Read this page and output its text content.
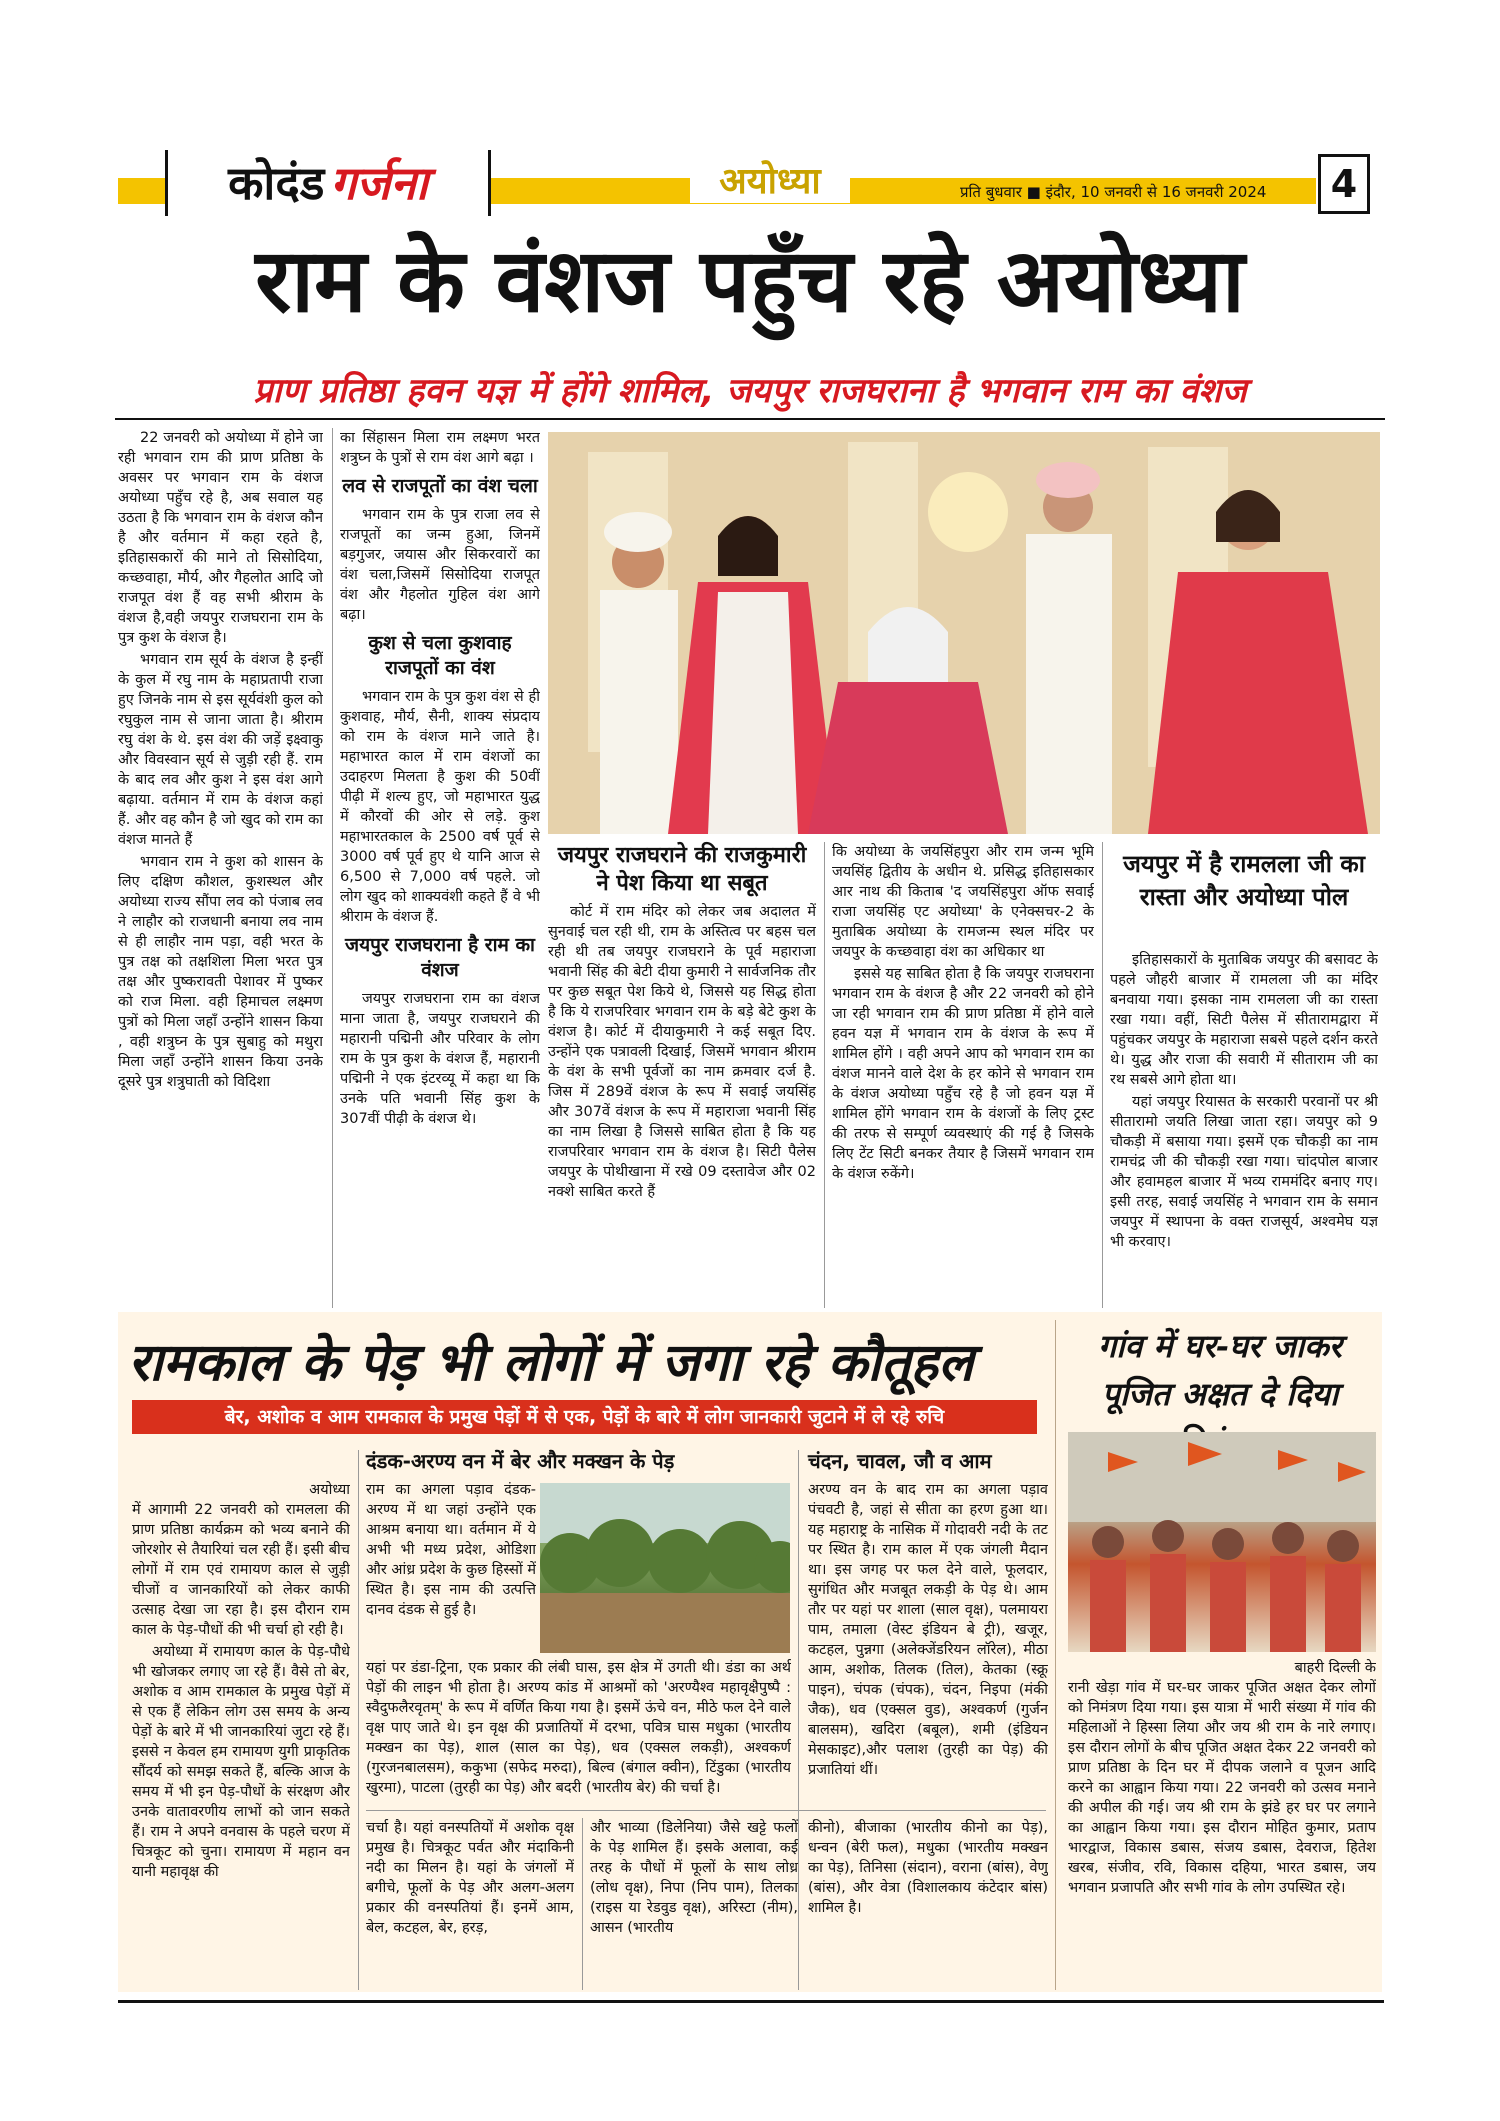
कोदंड गर्जना	अयोध्या	प्रति बुधवार ■ इंदौर, 10 जनवरी से 16 जनवरी 2024	4
राम के वंशज पहुँच रहे अयोध्या
प्राण प्रतिष्ठा हवन यज्ञ में होंगे शामिल, जयपुर राजघराना है भगवान राम का वंशज

22 जनवरी को अयोध्या में होने जा रही भगवान राम की प्राण प्रतिष्ठा के अवसर पर भगवान राम के वंशज अयोध्या पहुँच रहे है, अब सवाल यह उठता है कि भगवान राम के वंशज कौन है और वर्तमान में कहा रहते है, इतिहासकारों की माने तो सिसोदिया, कच्छवाहा, मौर्य, और गैहलोत आदि जो राजपूत वंश हैं वह सभी श्रीराम के वंशज है,वही जयपुर राजघराना राम के पुत्र कुश के वंशज है।

भगवान राम सूर्य के वंशज है इन्हीं के कुल में रघु नाम के महाप्रतापी राजा हुए जिनके नाम से इस सूर्यवंशी कुल को रघुकुल नाम से जाना जाता है। श्रीराम रघु वंश के थे. इस वंश की जड़ें इक्ष्वाकु और विवस्वान सूर्य से जुड़ी रही हैं. राम के बाद लव और कुश ने इस वंश आगे बढ़ाया. वर्तमान में राम के वंशज कहां हैं. और वह कौन है जो खुद को राम का वंशज मानते हैं

भगवान राम ने कुश को शासन के लिए दक्षिण कौशल, कुशस्थल और अयोध्या राज्य सौंपा लव को पंजाब लव ने लाहौर को राजधानी बनाया लव नाम से ही लाहौर नाम पड़ा, वही भरत के पुत्र तक्ष को तक्षशिला मिला भरत पुत्र तक्ष और पुष्करावती पेशावर में पुष्कर को राज मिला. वही हिमाचल लक्ष्मण पुत्रों को मिला जहाँ उन्होंने शासन किया , वही शत्रुघ्न के पुत्र सुबाहु को मथुरा मिला जहाँ उन्होंने शासन किया उनके दूसरे पुत्र शत्रुघाती को विदिशा

का सिंहासन मिला राम लक्ष्मण भरत शत्रुघ्न के पुत्रों से राम वंश आगे बढ़ा ।

लव से राजपूतों का वंश चला

भगवान राम के पुत्र राजा लव से राजपूतों का जन्म हुआ, जिनमें बड़गुजर, जयास और सिकरवारों का वंश चला,जिसमें सिसोदिया राजपूत वंश और गैहलोत गुहिल वंश आगे बढ़ा।

कुश से चला कुशवाह राजपूतों का वंश

भगवान राम के पुत्र कुश वंश से ही कुशवाह, मौर्य, सैनी, शाक्य संप्रदाय को राम के वंशज माने जाते है। महाभारत काल में राम वंशजों का उदाहरण मिलता है कुश की 50वीं पीढ़ी में शल्य हुए, जो महाभारत युद्ध में कौरवों की ओर से लड़े. कुश महाभारतकाल के 2500 वर्ष पूर्व से 3000 वर्ष पूर्व हुए थे यानि आज से 6,500 से 7,000 वर्ष पहले. जो लोग खुद को शाक्यवंशी कहते हैं वे भी श्रीराम के वंशज हैं.

जयपुर राजघराना है राम का वंशज

जयपुर राजघराना राम का वंशज माना जाता है, जयपुर राजघराने की महारानी पद्मिनी और परिवार के लोग राम के पुत्र कुश के वंशज हैं, महारानी पद्मिनी ने एक इंटरव्यू में कहा था कि उनके पति भवानी सिंह कुश के 307वीं पीढ़ी के वंशज थे।

जयपुर राजघराने की राजकुमारी ने पेश किया था सबूत

कोर्ट में राम मंदिर को लेकर जब अदालत में सुनवाई चल रही थी, राम के अस्तित्व पर बहस चल रही थी तब जयपुर राजघराने के पूर्व महाराजा भवानी सिंह की बेटी दीया कुमारी ने सार्वजनिक तौर पर कुछ सबूत पेश किये थे, जिससे यह सिद्ध होता है कि ये राजपरिवार भगवान राम के बड़े बेटे कुश के वंशज है। कोर्ट में दीयाकुमारी ने कई सबूत दिए. उन्होंने एक पत्रावली दिखाई, जिसमें भगवान श्रीराम के वंश के सभी पूर्वजों का नाम क्रमवार दर्ज है. जिस में 289वें वंशज के रूप में सवाई जयसिंह और 307वें वंशज के रूप में महाराजा भवानी सिंह का नाम लिखा है जिससे साबित होता है कि यह राजपरिवार भगवान राम के वंशज है। सिटी पैलेस जयपुर के पोथीखाना में रखे 09 दस्तावेज और 02 नक्शे साबित करते हैं

कि अयोध्या के जयसिंहपुरा और राम जन्म भूमि जयसिंह द्वितीय के अधीन थे. प्रसिद्ध इतिहासकार आर नाथ की किताब 'द जयसिंहपुरा ऑफ सवाई राजा जयसिंह एट अयोध्या' के एनेक्सचर-2 के मुताबिक अयोध्या के रामजन्म स्थल मंदिर पर जयपुर के कच्छवाहा वंश का अधिकार था

इससे यह साबित होता है कि जयपुर राजघराना भगवान राम के वंशज है और 22 जनवरी को होने जा रही भगवान राम की प्राण प्रतिष्ठा में होने वाले हवन यज्ञ में भगवान राम के वंशज के रूप में शामिल होंगे । वही अपने आप को भगवान राम का वंशज मानने वाले देश के हर कोने से भगवान राम के वंशज अयोध्या पहुँच रहे है जो हवन यज्ञ में शामिल होंगे भगवान राम के वंशजों के लिए ट्रस्ट की तरफ से सम्पूर्ण व्यवस्थाएं की गई है जिसके लिए टेंट सिटी बनकर तैयार है जिसमें भगवान राम के वंशज रुकेंगे।

जयपुर में है रामलला जी का रास्ता और अयोध्या पोल

इतिहासकारों के मुताबिक जयपुर की बसावट के पहले जौहरी बाजार में रामलला जी का मंदिर बनवाया गया। इसका नाम रामलला जी का रास्ता रखा गया। वहीं, सिटी पैलेस में सीतारामद्वारा में पहुंचकर जयपुर के महाराजा सबसे पहले दर्शन करते थे। युद्ध और राजा की सवारी में सीताराम जी का रथ सबसे आगे होता था।

यहां जयपुर रियासत के सरकारी परवानों पर श्री सीतारामो जयति लिखा जाता रहा। जयपुर को 9 चौकड़ी में बसाया गया। इसमें एक चौकड़ी का नाम रामचंद्र जी की चौकड़ी रखा गया। चांदपोल बाजार और हवामहल बाजार में भव्य राममंदिर बनाए गए। इसी तरह, सवाई जयसिंह ने भगवान राम के समान जयपुर में स्थापना के वक्त राजसूर्य, अश्वमेघ यज्ञ भी करवाए।

रामकाल के पेड़ भी लोगों में जगा रहे कौतूहल
बेर, अशोक व आम रामकाल के प्रमुख पेड़ों में से एक, पेड़ों के बारे में लोग जानकारी जुटाने में ले रहे रुचि
गांव में घर-घर जाकर पूजित अक्षत दे दिया
अयोध्या

में आगामी 22 जनवरी को रामलला की प्राण प्रतिष्ठा कार्यक्रम को भव्य बनाने की जोरशोर से तैयारियां चल रही हैं। इसी बीच लोगों में राम एवं रामायण काल से जुड़ी चीजों व जानकारियों को लेकर काफी उत्साह देखा जा रहा है। इस दौरान राम काल के पेड़-पौधों की भी चर्चा हो रही है।

अयोध्या में रामायण काल के पेड़-पौधे भी खोजकर लगाए जा रहे हैं। वैसे तो बेर, अशोक व आम रामकाल के प्रमुख पेड़ों में से एक हैं लेकिन लोग उस समय के अन्य पेड़ों के बारे में भी जानकारियां जुटा रहे हैं। इससे न केवल हम रामायण युगी प्राकृतिक सौंदर्य को समझ सकते हैं, बल्कि आज के समय में भी इन पेड़-पौधों के संरक्षण और उनके वातावरणीय लाभों को जान सकते हैं। राम ने अपने वनवास के पहले चरण में चित्रकूट को चुना। रामायण में महान वन यानी महावृक्ष की

दंडक-अरण्य वन में बेर और मक्खन के पेड़

राम का अगला पड़ाव दंडक-अरण्य में था जहां उन्होंने एक आश्रम बनाया था। वर्तमान में ये अभी भी मध्य प्रदेश, ओडिशा और आंध्र प्रदेश के कुछ हिस्सों में स्थित है। इस नाम की उत्पत्ति दानव दंडक से हुई है।

यहां पर डंडा-ट्रिना, एक प्रकार की लंबी घास, इस क्षेत्र में उगती थी। डंडा का अर्थ पेड़ों की लाइन भी होता है। अरण्य कांड में आश्रमों को 'अरण्यैश्व महावृक्षैपुष्पै : स्वैदुफलैरवृतम्' के रूप में वर्णित किया गया है। इसमें ऊंचे वन, मीठे फल देने वाले वृक्ष पाए जाते थे। इन वृक्ष की प्रजातियों में दरभा, पवित्र घास मधुका (भारतीय मक्खन का पेड़), शाल (साल का पेड़), धव (एक्सल लकड़ी), अश्वकर्ण (गुरजनबालसम), ककुभा (सफेद मरुदा), बिल्व (बंगाल क्वीन), टिंडुका (भारतीय खुरमा), पाटला (तुरही का पेड़) और बदरी (भारतीय बेर) की चर्चा है।

चर्चा है। यहां वनस्पतियों में अशोक वृक्ष प्रमुख है। चित्रकूट पर्वत और मंदाकिनी नदी का मिलन है। यहां के जंगलों में बगीचे, फूलों के पेड़ और अलग-अलग प्रकार की वनस्पतियां हैं। इनमें आम, बेल, कटहल, बेर, हरड़,

और भाव्या (डिलेनिया) जैसे खट्टे फलों के पेड़ शामिल हैं। इसके अलावा, कई तरह के पौधों में फूलों के साथ लोध्र (लोध वृक्ष), निपा (निप पाम), तिलका (राइस या रेडवुड वृक्ष), अरिस्टा (नीम), आसन (भारतीय

चंदन, चावल, जौ व आम

अरण्य वन के बाद राम का अगला पड़ाव पंचवटी है, जहां से सीता का हरण हुआ था। यह महाराष्ट्र के नासिक में गोदावरी नदी के तट पर स्थित है। राम काल में एक जंगली मैदान था। इस जगह पर फल देने वाले, फूलदार, सुगंधित और मजबूत लकड़ी के पेड़ थे। आम तौर पर यहां पर शाला (साल वृक्ष), पलमायरा पाम, तमाला (वेस्ट इंडियन बे ट्री), खजूर, कटहल, पुन्नगा (अलेक्जेंडरियन लॉरेल), मीठा आम, अशोक, तिलक (तिल), केतका (स्क्रू पाइन), चंपक (चंपक), चंदन, निइपा (मंकी जैक), धव (एक्सल वुड), अश्वकर्ण (गुर्जन बालसम), खदिरा (बबूल), शमी (इंडियन मेसकाइट),और पलाश (तुरही का पेड़) की प्रजातियां थीं।

कीनो), बीजाका (भारतीय कीनो का पेड़), धन्वन (बेरी फल), मधुका (भारतीय मक्खन का पेड़), तिनिसा (संदान), वराना (बांस), वेणु (बांस), और वेत्रा (विशालकाय कंटेदार बांस) शामिल है।

बाहरी दिल्ली के

रानी खेड़ा गांव में घर-घर जाकर पूजित अक्षत देकर लोगों को निमंत्रण दिया गया। इस यात्रा में भारी संख्या में गांव की महिलाओं ने हिस्सा लिया और जय श्री राम के नारे लगाए। इस दौरान लोगों के बीच पूजित अक्षत देकर 22 जनवरी को प्राण प्रतिष्ठा के दिन घर में दीपक जलाने व पूजन आदि करने का आह्वान किया गया। 22 जनवरी को उत्सव मनाने की अपील की गई। जय श्री राम के झंडे हर घर पर लगाने का आह्वान किया गया। इस दौरान मोहित कुमार, प्रताप भारद्वाज, विकास डबास, संजय डबास, देवराज, हितेश खरब, संजीव, रवि, विकास दहिया, भारत डबास, जय भगवान प्रजापति और सभी गांव के लोग उपस्थित रहे।
